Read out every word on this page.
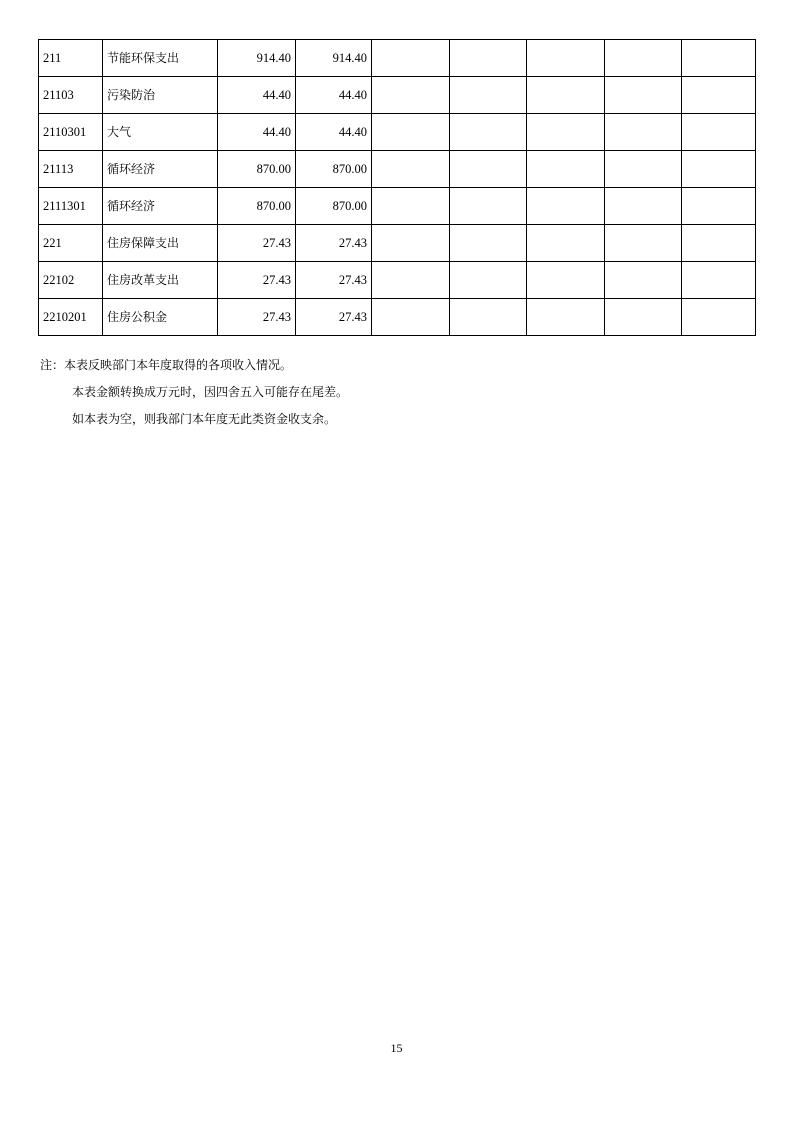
211	节能环保支出	914.40	914.40					
21103	污染防治	44.40	44.40					
2110301	大气	44.40	44.40					
21113	循环经济	870.00	870.00					
2111301	循环经济	870.00	870.00					
221	住房保障支出	27.43	27.43					
22102	住房改革支出	27.43	27.43					
2210201	住房公积金	27.43	27.43					
注：本表反映部门本年度取得的各项收入情况。
本表金额转换成万元时，因四舍五入可能存在尾差。
如本表为空，则我部门本年度无此类资金收支余。
15
